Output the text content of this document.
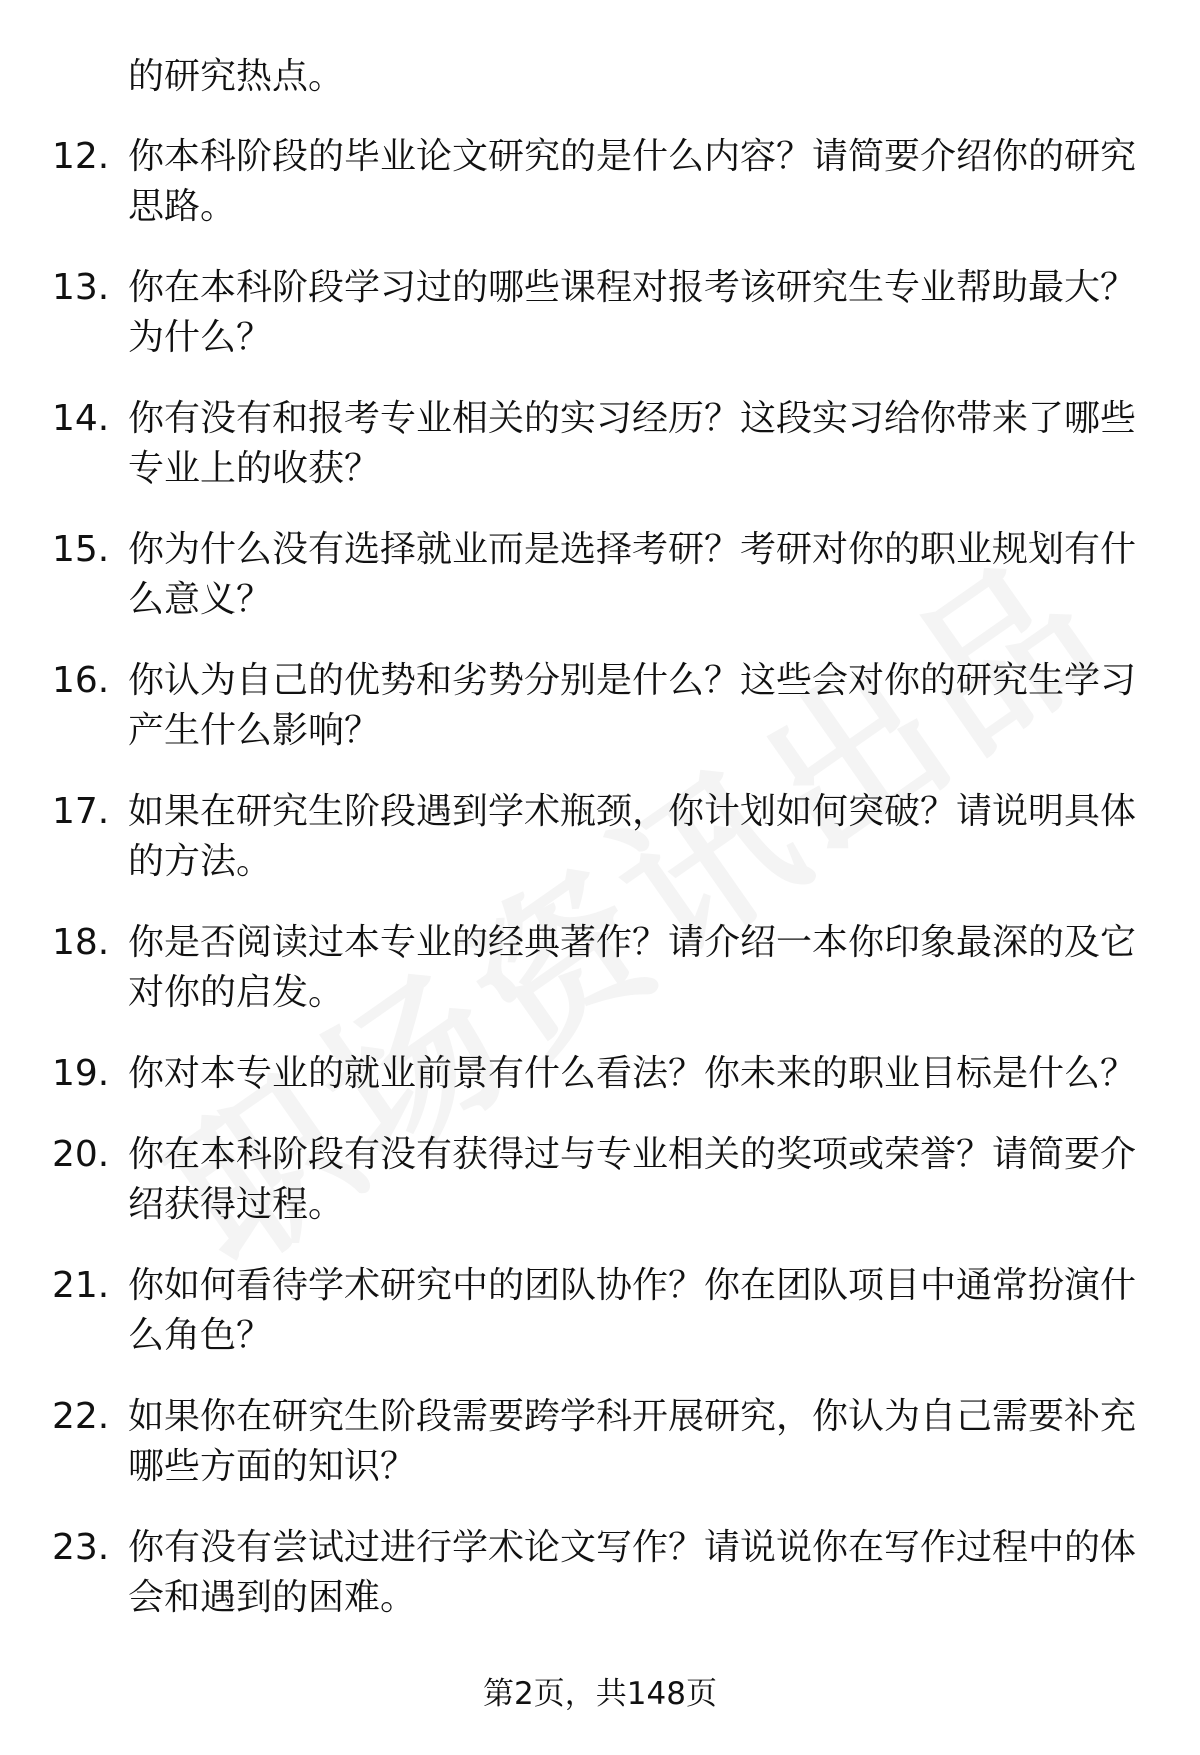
的研究热点。
12. 你本科阶段的毕业论文研究的是什么内容？请简要介绍你的研究思路。
13. 你在本科阶段学习过的哪些课程对报考该研究生专业帮助最大？为什么？
14. 你有没有和报考专业相关的实习经历？这段实习给你带来了哪些专业上的收获？
15. 你为什么没有选择就业而是选择考研？考研对你的职业规划有什么意义？
16. 你认为自己的优势和劣势分别是什么？这些会对你的研究生学习产生什么影响？
17. 如果在研究生阶段遇到学术瓶颈，你计划如何突破？请说明具体的方法。
18. 你是否阅读过本专业的经典著作？请介绍一本你印象最深的及它对你的启发。
19. 你对本专业的就业前景有什么看法？你未来的职业目标是什么？
20. 你在本科阶段有没有获得过与专业相关的奖项或荣誉？请简要介绍获得过程。
21. 你如何看待学术研究中的团队协作？你在团队项目中通常扮演什么角色？
22. 如果你在研究生阶段需要跨学科开展研究，你认为自己需要补充哪些方面的知识？
23. 你有没有尝试过进行学术论文写作？请说说你在写作过程中的体会和遇到的困难。
第2页，共148页
